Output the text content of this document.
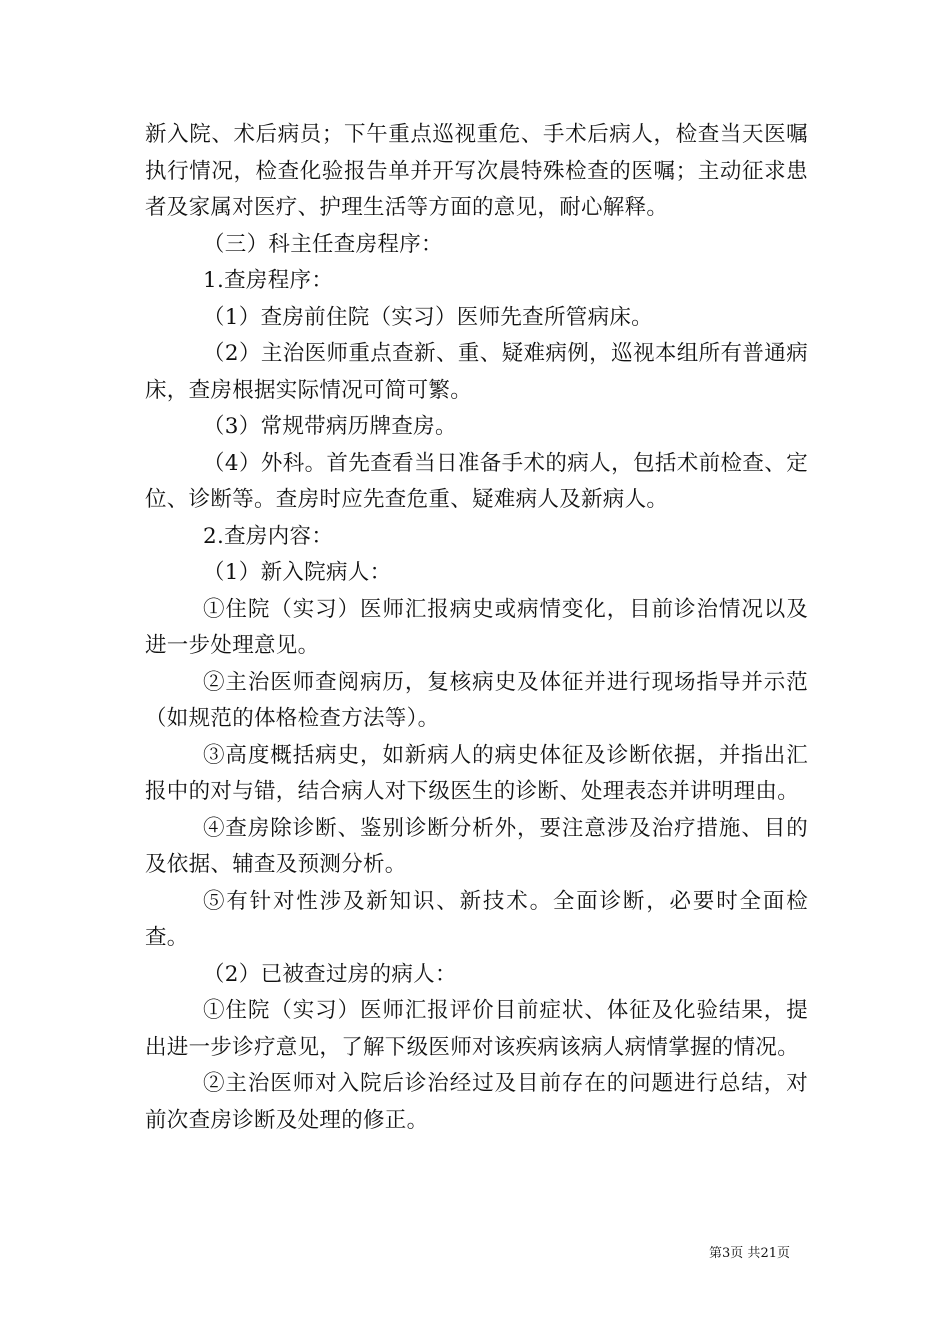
新入院、术后病员；下午重点巡视重危、手术后病人，检查当天医嘱执行情况，检查化验报告单并开写次晨特殊检查的医嘱；主动征求患者及家属对医疗、护理生活等方面的意见，耐心解释。

（三）科主任查房程序：

1.查房程序：

（1）查房前住院（实习）医师先查所管病床。

（2）主治医师重点查新、重、疑难病例，巡视本组所有普通病床，查房根据实际情况可简可繁。

（3）常规带病历牌查房。

（4）外科。首先查看当日准备手术的病人，包括术前检查、定位、诊断等。查房时应先查危重、疑难病人及新病人。

2.查房内容：

（1）新入院病人：

①住院（实习）医师汇报病史或病情变化，目前诊治情况以及进一步处理意见。

②主治医师查阅病历，复核病史及体征并进行现场指导并示范（如规范的体格检查方法等）。

③高度概括病史，如新病人的病史体征及诊断依据，并指出汇报中的对与错，结合病人对下级医生的诊断、处理表态并讲明理由。

④查房除诊断、鉴别诊断分析外，要注意涉及治疗措施、目的及依据、辅查及预测分析。

⑤有针对性涉及新知识、新技术。全面诊断，必要时全面检查。

（2）已被查过房的病人：

①住院（实习）医师汇报评价目前症状、体征及化验结果，提出进一步诊疗意见，了解下级医师对该疾病该病人病情掌握的情况。

②主治医师对入院后诊治经过及目前存在的问题进行总结，对前次查房诊断及处理的修正。

第3页 共21页
